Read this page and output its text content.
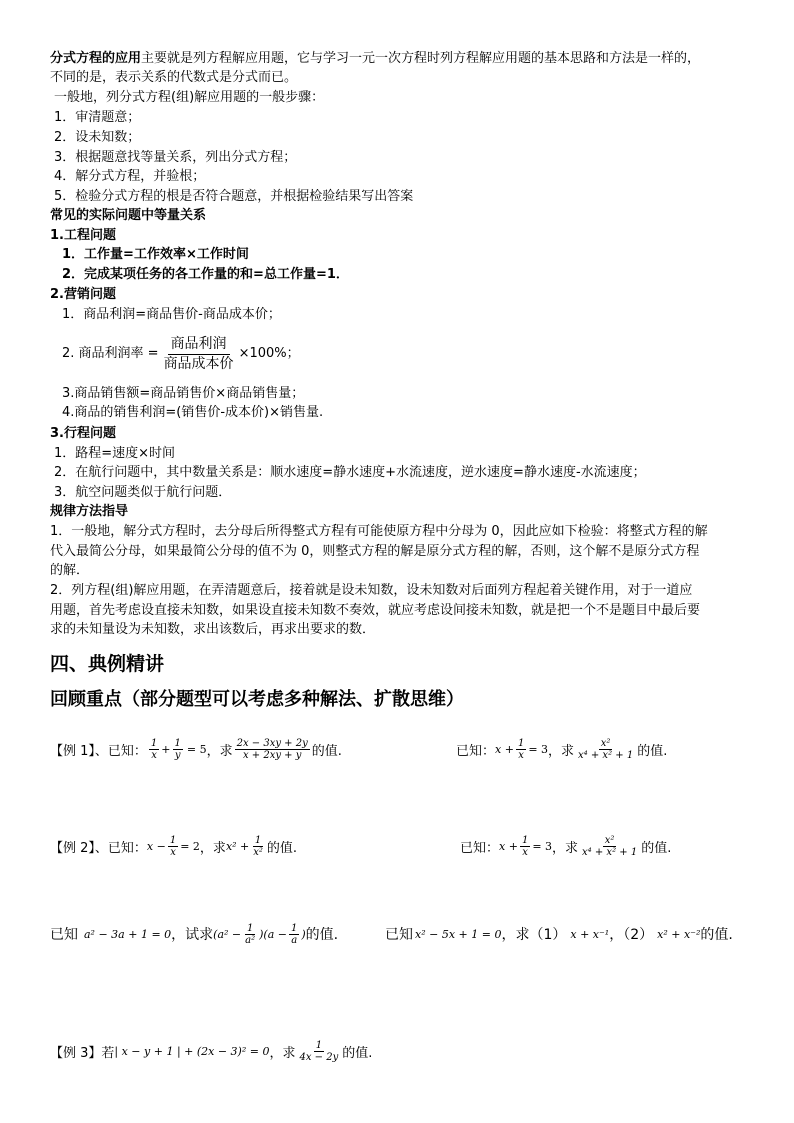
分式方程的应用主要就是列方程解应用题，它与学习一元一次方程时列方程解应用题的基本思路和方法是一样的，
不同的是，表示关系的代数式是分式而已。
一般地，列分式方程(组)解应用题的一般步骤：
1．审清题意；
2．设未知数；
3．根据题意找等量关系，列出分式方程；
4．解分式方程，并验根；
5．检验分式方程的根是否符合题意，并根据检验结果写出答案
常见的实际问题中等量关系
1.工程问题
1．工作量=工作效率×工作时间
2．完成某项任务的各工作量的和=总工作量=1．
2.营销问题
1．商品利润=商品售价-商品成本价；
2. 商品利润率 = $\frac{\text{商品利润}}{\text{商品成本价}} \times 100\%$；
3.商品销售额=商品销售价×商品销售量；
4.商品的销售利润=(销售价-成本价)×销售量.
3.行程问题
1．路程=速度×时间
2．在航行问题中，其中数量关系是：顺水速度=静水速度+水流速度，逆水速度=静水速度-水流速度；
3．航空问题类似于航行问题．
规律方法指导
1．一般地，解分式方程时，去分母后所得整式方程有可能使原方程中分母为 0，因此应如下检验：将整式方程的解
代入最简公分母，如果最简公分母的值不为 0，则整式方程的解是原分式方程的解，否则，这个解不是原分式方程
的解．
2．列方程(组)解应用题，在弄清题意后，接着就是设未知数，设未知数对后面列方程起着关键作用，对于一道应
用题，首先考虑设直接未知数，如果设直接未知数不奏效，就应考虑设间接未知数，就是把一个不是题目中最后要
求的未知量设为未知数，求出该数后，再求出要求的数．
四、典例精讲
回顾重点（部分题型可以考虑多种解法、扩散思维）
【例 1】、已知： $\frac{1}{x} + \frac{1}{y} = 5$ ，求 $\frac{2x - 3xy + 2y}{x + 2xy + y}$ 的值.	已知： $x + \frac{1}{x} = 3$ ，求 $\frac{\text{x²}}{\text{x⁴ + x² + 1}}$ 的值.
【例 2】、已知： $x - \frac{1}{x} = 2$ ，求 $x^2 + \frac{1}{\text{x²}}$ 的值.	已知： $x + \frac{1}{x} = 3$ ，求 $\frac{\text{x²}}{\text{x⁴ + x² + 1}}$ 的值.
已知 a² − 3a + 1 = 0 ，试求 $(a^2 - \frac{1}{\text{a²}} )(a - \frac{1}{a}$ ) 的值.	已知 x² − 5x + 1 = 0 ，求（1） x + x⁻¹ ，（2） x² + x⁻² 的值.
【例 3】若 | x − y + 1 | + (2x − 3)² = 0 ，求 $\frac{1}{4x - 2y}$ 的值.
